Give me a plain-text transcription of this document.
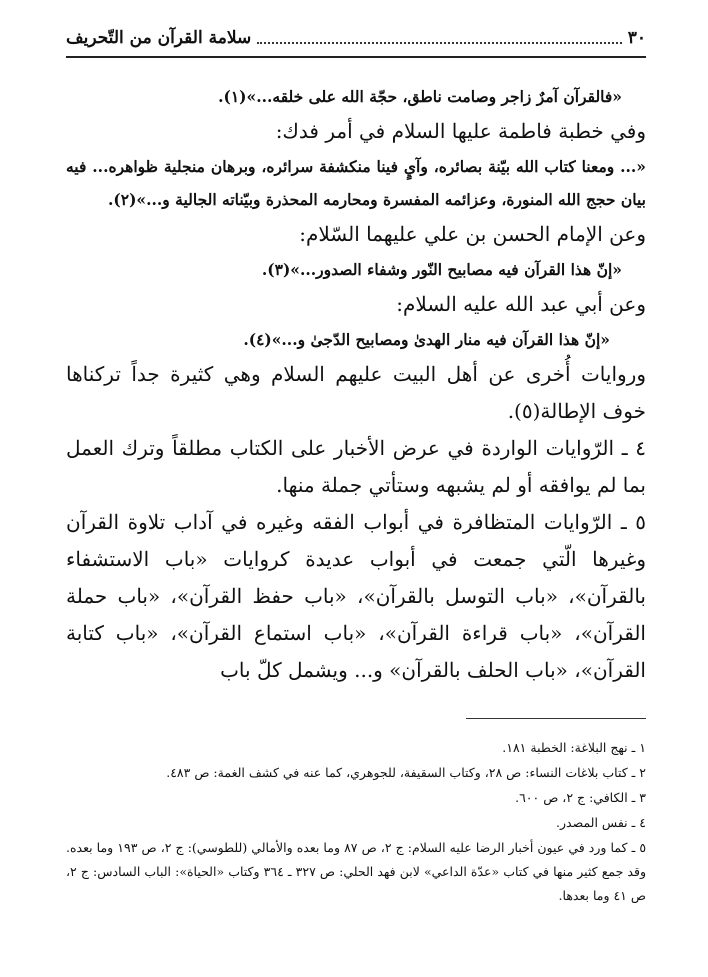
٣٠
سلامة القرآن من التّحريف

«فالقرآن آمرٌ زاجر وصامت ناطق، حجّة الله على خلقه...»(١).

وفي خطبة فاطمة عليها السلام في أمر فدك:

«... ومعنا كتاب الله بيّنة بصائره، وآيٍ فينا منكشفة سرائره، وبرهان منجلية ظواهره... فيه بيان حجج الله المنورة، وعزائمه المفسرة ومحارمه المحذرة وبيّناته الجالية و...»(٢).

وعن الإمام الحسن بن علي عليهما السّلام:

«إنّ هذا القرآن فيه مصابيح النّور وشفاء الصدور...»(٣).

وعن أبي عبد الله عليه السلام:

«إنّ هذا القرآن فيه منار الهدىٰ ومصابيح الدّجىٰ و...»(٤).

وروايات أُخرى عن أهل البيت عليهم السلام وهي كثيرة جداً تركناها خوف الإطالة(٥).

٤ ـ الرّوايات الواردة في عرض الأخبار على الكتاب مطلقاً وترك العمل بما لم يوافقه أو لم يشبهه وستأتي جملة منها.

٥ ـ الرّوايات المتظافرة في أبواب الفقه وغيره في آداب تلاوة القرآن وغيرها الّتي جمعت في أبواب عديدة كروايات «باب الاستشفاء بالقرآن»، «باب التوسل بالقرآن»، «باب حفظ القرآن»، «باب حملة القرآن»، «باب قراءة القرآن»، «باب استماع القرآن»، «باب كتابة القرآن»، «باب الحلف بالقرآن» و... ويشمل كلّ باب

١ ـ نهج البلاغة: الخطبة ١٨١.

٢ ـ كتاب بلاغات النساء: ص ٢٨، وكتاب السقيفة، للجوهري، كما عنه في كشف الغمة: ص ٤٨٣.

٣ ـ الكافي: ج ٢، ص ٦٠٠.

٤ ـ نفس المصدر.

٥ ـ كما ورد في عيون أخبار الرضا عليه السلام: ج ٢، ص ٨٧ وما بعده والأمالي (للطوسي): ج ٢، ص ١٩٣ وما بعده. وقد جمع كثير منها في كتاب «عدّة الداعي» لابن فهد الحلي: ص ٣٢٧ ـ ٣٦٤ وكتاب «الحياة»: الباب السادس: ج ٢، ص ٤١ وما بعدها.
